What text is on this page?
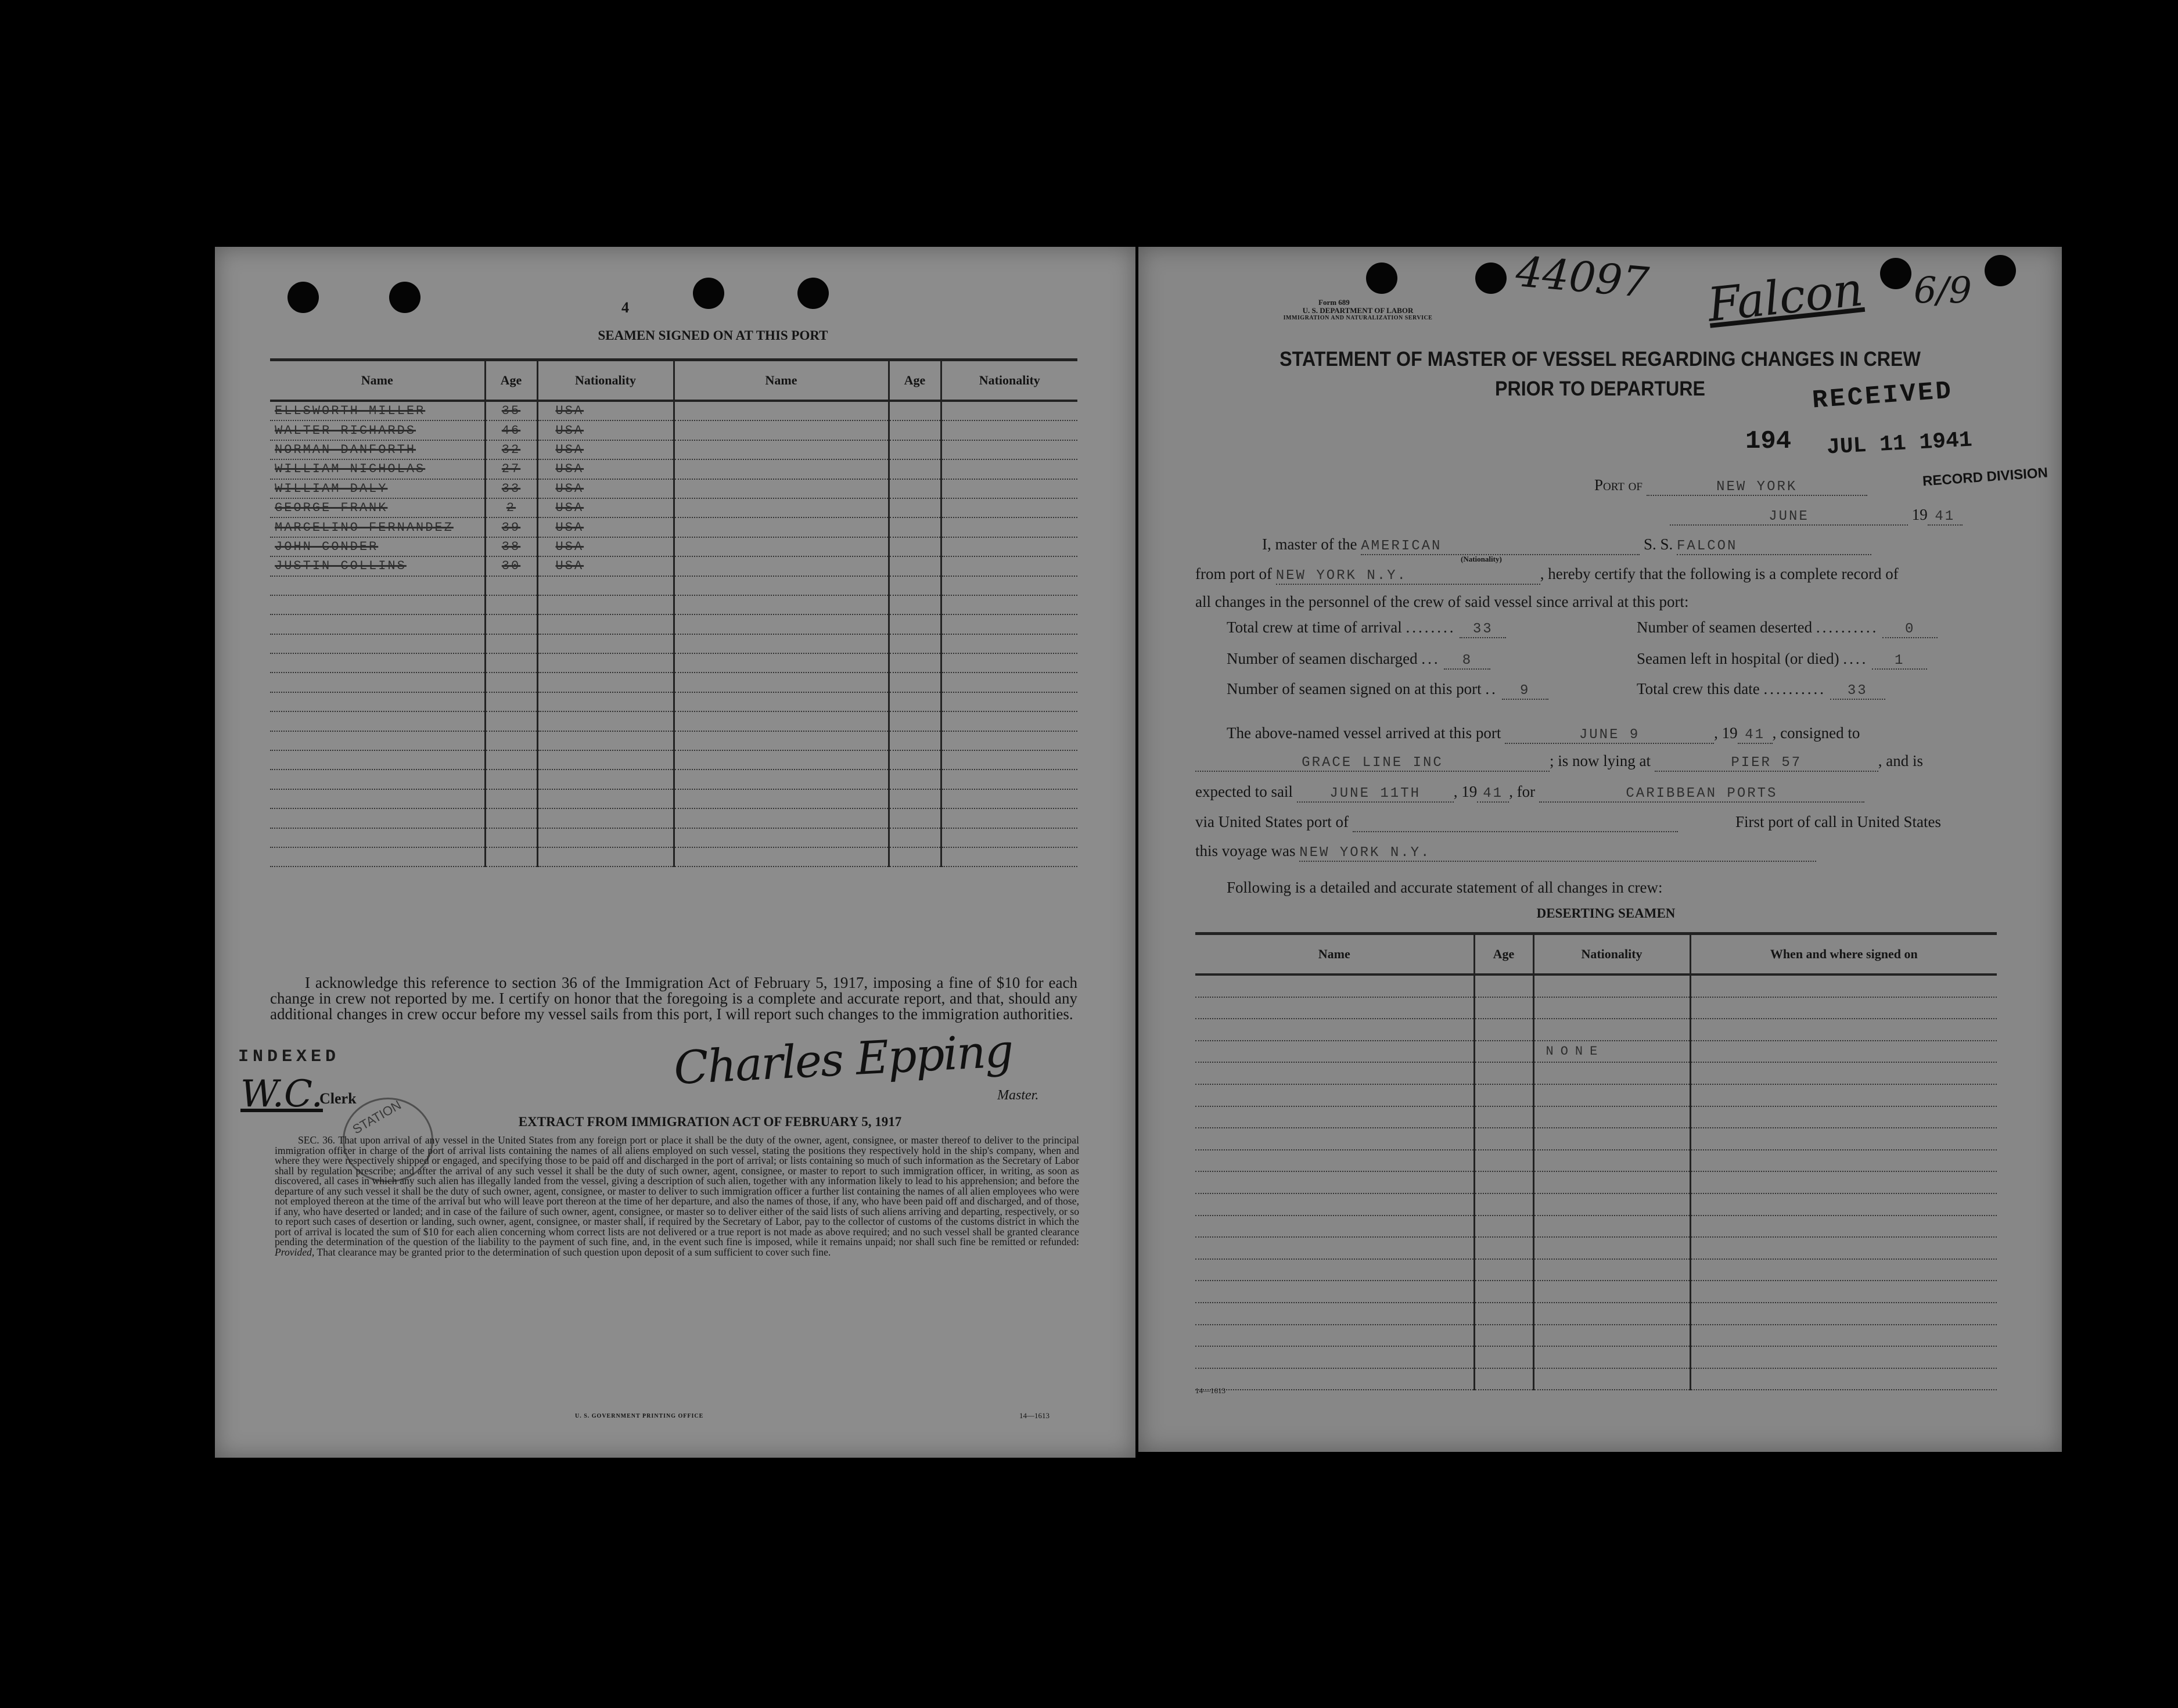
4
SEAMEN SIGNED ON AT THIS PORT
Name	Age	Nationality	Name	Age	Nationality
ELLSWORTH MILLER	35	USA			
WALTER RICHARDS	46	USA			
NORMAN DANFORTH	32	USA			
WILLIAM NICHOLAS	27	USA			
WILLIAM DALY	33	USA			
GEORGE FRANK	2	USA			
MARCELINO FERNANDEZ	39	USA			
JOHN CONDER	38	USA			
JUSTIN COLLINS	30	USA			

I acknowledge this reference to section 36 of the Immigration Act of February 5, 1917, imposing a fine of $10 for each change in crew not reported by me. I certify on honor that the foregoing is a complete and accurate report, and that, should any additional changes in crew occur before my vessel sails from this port, I will report such changes to the immigration authorities.
INDEXED
W.C.
Clerk
STATION
Charles Epping
Master.
EXTRACT FROM IMMIGRATION ACT OF FEBRUARY 5, 1917
SEC. 36. That upon arrival of any vessel in the United States from any foreign port or place it shall be the duty of the owner, agent, consignee, or master thereof to deliver to the principal immigration officer in charge of the port of arrival lists containing the names of all aliens employed on such vessel, stating the positions they respectively hold in the ship's company, when and where they were respectively shipped or engaged, and specifying those to be paid off and discharged in the port of arrival; or lists containing so much of such information as the Secretary of Labor shall by regulation prescribe; and after the arrival of any such vessel it shall be the duty of such owner, agent, consignee, or master to report to such immigration officer, in writing, as soon as discovered, all cases in which any such alien has illegally landed from the vessel, giving a description of such alien, together with any information likely to lead to his apprehension; and before the departure of any such vessel it shall be the duty of such owner, agent, consignee, or master to deliver to such immigration officer a further list containing the names of all alien employees who were not employed thereon at the time of the arrival but who will leave port thereon at the time of her departure, and also the names of those, if any, who have been paid off and discharged, and of those, if any, who have deserted or landed; and in case of the failure of such owner, agent, consignee, or master so to deliver either of the said lists of such aliens arriving and departing, respectively, or so to report such cases of desertion or landing, such owner, agent, consignee, or master shall, if required by the Secretary of Labor, pay to the collector of customs of the customs district in which the port of arrival is located the sum of $10 for each alien concerning whom correct lists are not delivered or a true report is not made as above required; and no such vessel shall be granted clearance pending the determination of the question of the liability to the payment of such fine, and, in the event such fine is imposed, while it remains unpaid; nor shall such fine be remitted or refunded: Provided, That clearance may be granted prior to the determination of such question upon deposit of a sum sufficient to cover such fine.
U. S. GOVERNMENT PRINTING OFFICE	14—1613
44097 Falcon 6/9
Form 689
U. S. DEPARTMENT OF LABOR
IMMIGRATION AND NATURALIZATION SERVICE
STATEMENT OF MASTER OF VESSEL REGARDING CHANGES IN CREW
PRIOR TO DEPARTURE	RECEIVED
194 JUL 11 1941
RECORD DIVISION
Port of	NEW YORK
JUNE	19 41
I, master of the AMERICAN	S. S. FALCON
(Nationality)
from port of NEW YORK N.Y.	, hereby certify that the following is a complete record of
all changes in the personnel of the crew of said vessel since arrival at this port:
Total crew at time of arrival ........ 33	Number of seamen deserted .......... 0
Number of seamen discharged ... 8	Seamen left in hospital (or died) .... 1
Number of seamen signed on at this port .. 9	Total crew this date .......... 33
The above-named vessel arrived at this port	JUNE 9	, 19 41 , consigned to
GRACE LINE INC	; is now lying at	PIER 57	, and is
expected to sail	JUNE 11TH , 19 41 , for	CARIBBEAN PORTS
via United States port of	First port of call in United States
this voyage was NEW YORK N.Y.
Following is a detailed and accurate statement of all changes in crew:
DESERTING SEAMEN
Name	Age	Nationality	When and where signed on

		NONE	

14—1613
